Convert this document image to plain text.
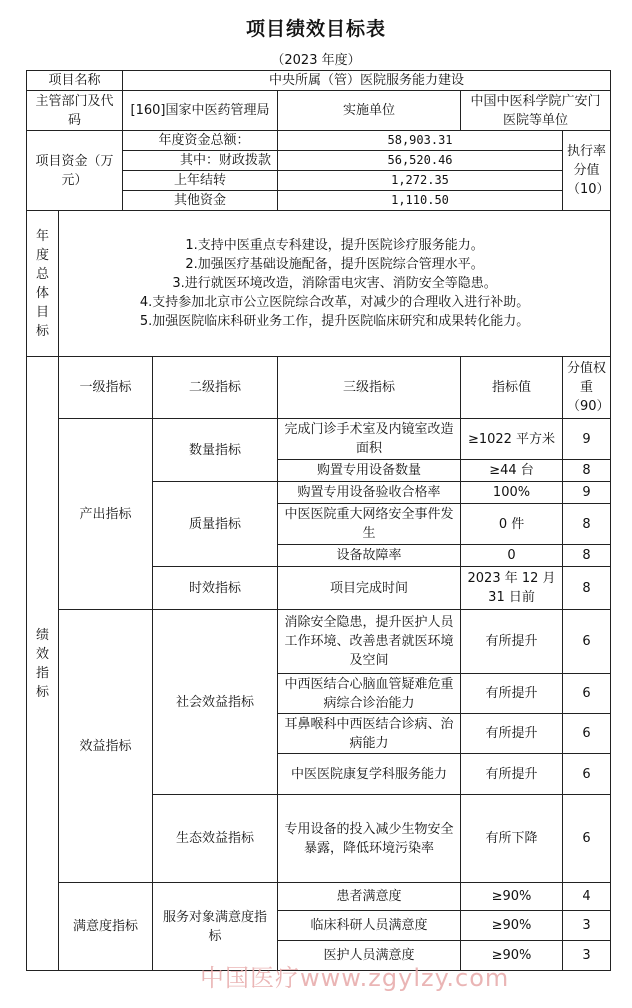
项目绩效目标表
（2023 年度）
项目名称		中央所属（管）医院服务能力建设				
主管部门及代码		[160]国家中医药管理局		实施单位	中国中医科学院广安门医院等单位	
项目资金（万元）		年度资金总额：		58,903.31		执行率分值（10）
		其中：财政拨款		56,520.46		
		上年结转		1,272.35		
		其他资金		1,110.50		

年度总体目标	1.支持中医重点专科建设，提升医院诊疗服务能力。
2.加强医疗基础设施配备，提升医院综合管理水平。
3.进行就医环境改造，消除雷电灾害、消防安全等隐患。
4.支持参加北京市公立医院综合改革，对减少的合理收入进行补助。
5.加强医院临床科研业务工作，提升医院临床研究和成果转化能力。					

绩效指标	一级指标		二级指标	三级指标	指标值	分值权重（90）
	产出指标		数量指标	完成门诊手术室及内镜室改造面积	≥1022 平方米	9
				购置专用设备数量	≥44 台	8
			质量指标	购置专用设备验收合格率	100%	9
				中医医院重大网络安全事件发生	0 件	8
				设备故障率	0	8
			时效指标	项目完成时间	2023 年 12 月 31 日前	8
	效益指标		社会效益指标	消除安全隐患，提升医护人员工作环境、改善患者就医环境及空间	有所提升	6
				中西医结合心脑血管疑难危重病综合诊治能力	有所提升	6
				耳鼻喉科中西医结合诊病、治病能力	有所提升	6
				中医医院康复学科服务能力	有所提升	6
			生态效益指标	专用设备的投入减少生物安全暴露，降低环境污染率	有所下降	6
	满意度指标		服务对象满意度指标	患者满意度	≥90%	4
				临床科研人员满意度	≥90%	3
				医护人员满意度	≥90%	3
中国医疗www.zgylzy.com
